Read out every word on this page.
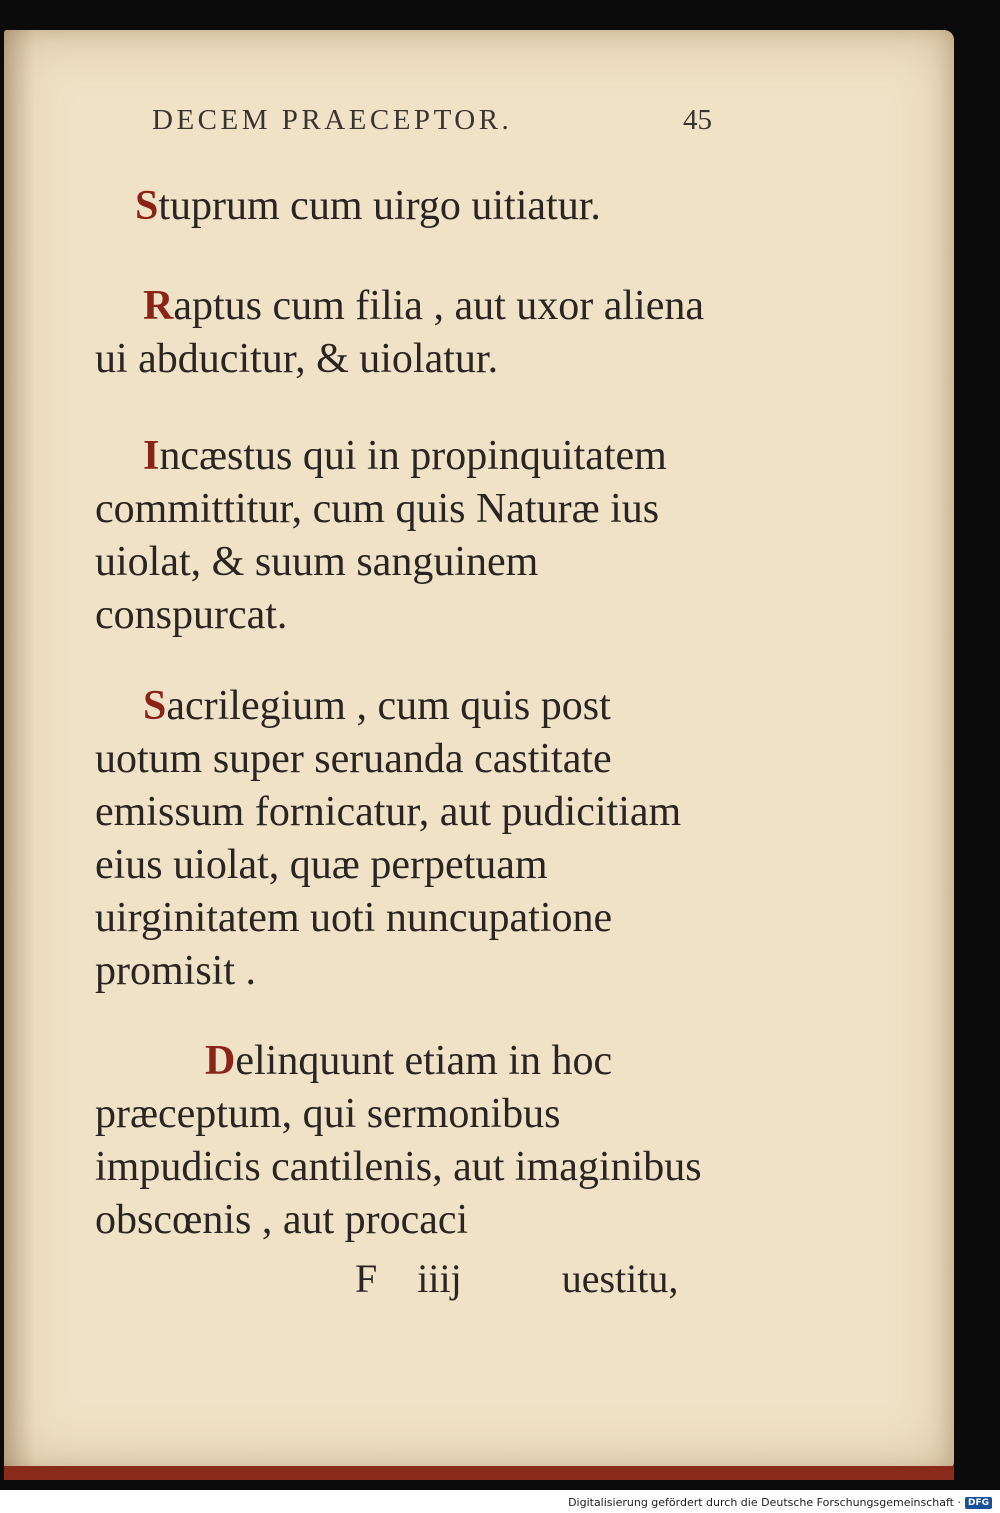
DECEM PRAECEPTOR.	45

Stuprum cum uirgo uitiatur.

Raptus cum filia , aut uxor aliena ui abducitur, & uiolatur.

Incæstus qui in propinquitatem committitur, cum quis Naturæ ius uiolat, & suum sanguinem conspurcat.

Sacrilegium , cum quis post uotum super seruanda castitate emissum fornicatur, aut pudicitiam eius uiolat, quæ perpetuam uirginitatem uoti nuncupatione promisit .

Delinquunt etiam in hoc præceptum, qui sermonibus impudicis cantilenis, aut imaginibus obscœnis , aut procaci

F iiij	uestitu,
Digitalisierung gefördert durch die Deutsche Forschungsgemeinschaft · DFG
